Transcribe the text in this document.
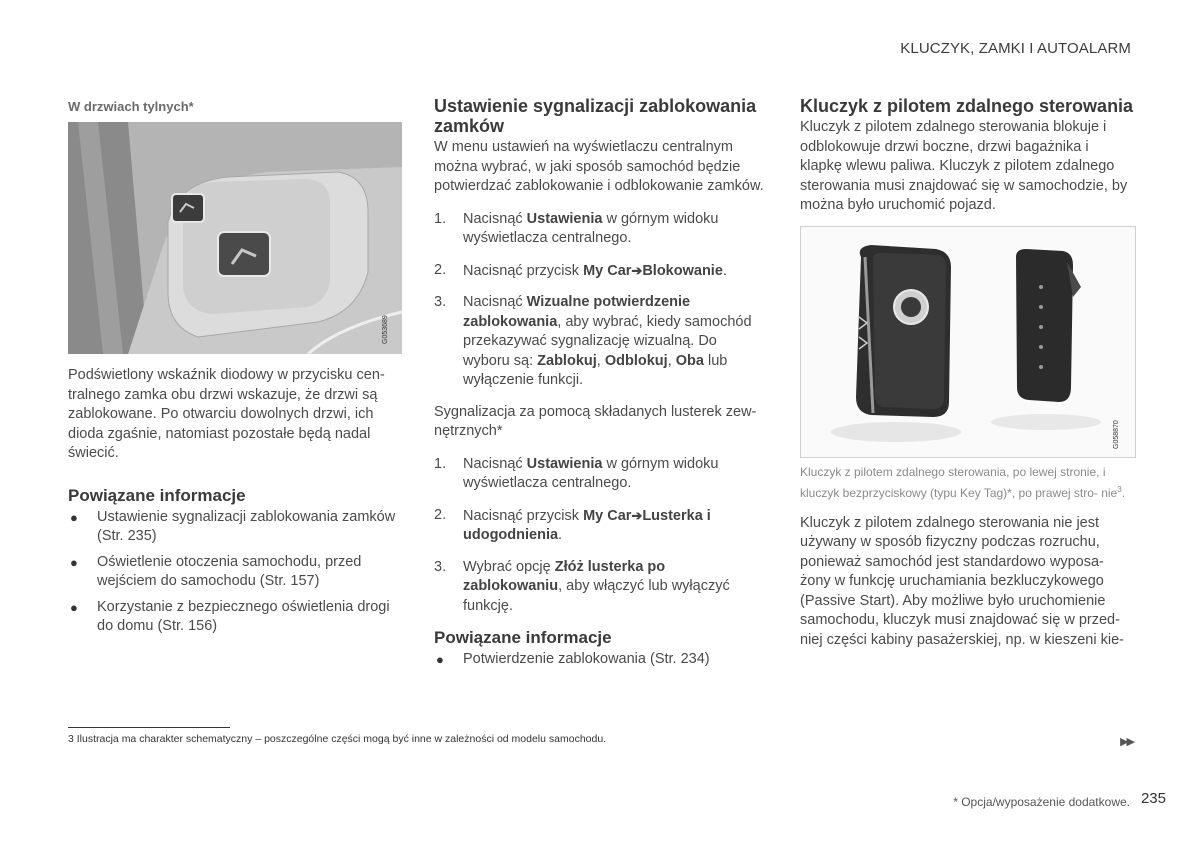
KLUCZYK, ZAMKI I AUTOALARM
W drzwiach tylnych*
G053689

Podświetlony wskaźnik diodowy w przycisku cen- tralnego zamka obu drzwi wskazuje, że drzwi są zablokowane. Po otwarciu dowolnych drzwi, ich dioda zgaśnie, natomiast pozostałe będą nadal świecić.

Powiązane informacje
● Ustawienie sygnalizacji zablokowania zamków (Str. 235)
● Oświetlenie otoczenia samochodu, przed wejściem do samochodu (Str. 157)
● Korzystanie z bezpiecznego oświetlenia drogi do domu (Str. 156)
Ustawienie sygnalizacji zablokowania zamków

W menu ustawień na wyświetlaczu centralnym można wybrać, w jaki sposób samochód będzie potwierdzać zablokowanie i odblokowanie zamków.

1. Nacisnąć Ustawienia w górnym widoku wyświetlacza centralnego.
2. Nacisnąć przycisk My Car➔Blokowanie.
3. Nacisnąć Wizualne potwierdzenie zablokowania, aby wybrać, kiedy samochód przekazywać sygnalizację wizualną. Do wyboru są: Zablokuj, Odblokuj, Oba lub wyłączenie funkcji.

Sygnalizacja za pomocą składanych lusterek zew- nętrznych*

1. Nacisnąć Ustawienia w górnym widoku wyświetlacza centralnego.
2. Nacisnąć przycisk My Car➔Lusterka i udogodnienia.
3. Wybrać opcję Złóż lusterka po zablokowaniu, aby włączyć lub wyłączyć funkcję.
Powiązane informacje
● Potwierdzenie zablokowania (Str. 234)
Kluczyk z pilotem zdalnego sterowania

Kluczyk z pilotem zdalnego sterowania blokuje i odblokowuje drzwi boczne, drzwi bagażnika i klapkę wlewu paliwa. Kluczyk z pilotem zdalnego sterowania musi znajdować się w samochodzie, by można było uruchomić pojazd.

G058870

Kluczyk z pilotem zdalnego sterowania, po lewej stronie, i kluczyk bezprzyciskowy (typu Key Tag)*, po prawej stro- nie$^3$.

Kluczyk z pilotem zdalnego sterowania nie jest używany w sposób fizyczny podczas rozruchu, ponieważ samochód jest standardowo wyposa- żony w funkcję uruchamiania bezkluczykowego (Passive Start). Aby możliwe było uruchomienie samochodu, kluczyk musi znajdować się w przed- niej części kabiny pasażerskiej, np. w kieszeni kie-

3 Ilustracja ma charakter schematyczny – poszczególne części mogą być inne w zależności od modelu samochodu.	▶▶
* Opcja/wyposażenie dodatkowe. 235
